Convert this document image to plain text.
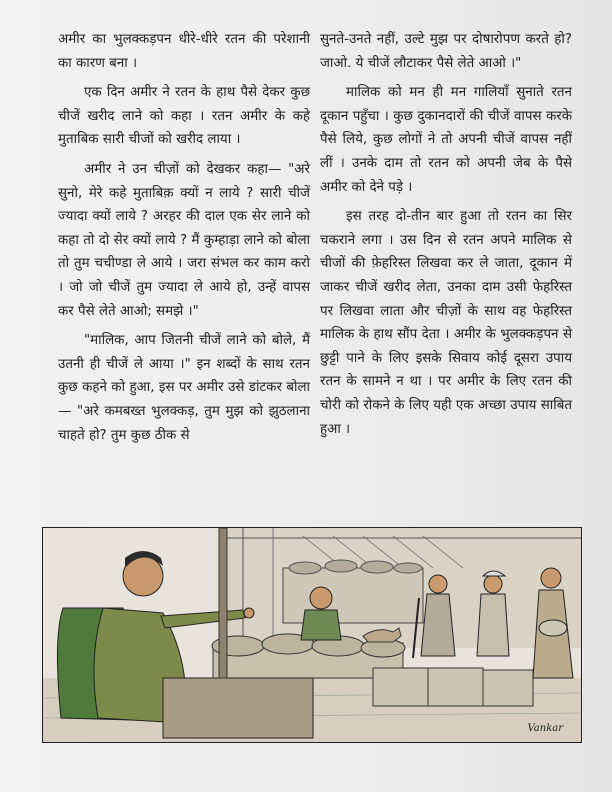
अमीर का भुलक्कड़पन धीरे-धीरे रतन की परेशानी का कारण बना ।

एक दिन अमीर ने रतन के हाथ पैसे देकर कुछ चीजें खरीद लाने को कहा । रतन अमीर के कहे मुताबिक सारी चीजों को खरीद लाया ।

अमीर ने उन चीज़ों को देखकर कहा— "अरे सुनो, मेरे कहे मुताबिक़ क्यों न लाये ? सारी चीजें ज्यादा क्यों लाये ? अरहर की दाल एक सेर लाने को कहा तो दो सेर क्यों लाये ? मैं कुम्हाड़ा लाने को बोला तो तुम चचीण्डा ले आये । जरा संभल कर काम करो । जो जो चीजें तुम ज्यादा ले आये हो, उन्हें वापस कर पैसे लेते आओ; समझे ।"

"मालिक, आप जितनी चीजें लाने को बोले, मैं उतनी ही चीजें ले आया ।" इन शब्दों के साथ रतन कुछ कहने को हुआ, इस पर अमीर उसे डांटकर बोला— "अरे कमबख्त भुलक्कड़, तुम मुझ को झुठलाना चाहते हो? तुम कुछ ठीक से

सुनते-उनते नहीं, उल्टे मुझ पर दोषारोपण करते हो? जाओ. ये चीजें लौटाकर पैसे लेते आओ ।"

मालिक को मन ही मन गालियाँ सुनाते रतन दूकान पहुँचा । कुछ दुकानदारों की चीजें वापस करके पैसे लिये, कुछ लोगों ने तो अपनी चीजें वापस नहीं लीं । उनके दाम तो रतन को अपनी जेब के पैसे अमीर को देने पड़े ।

इस तरह दो-तीन बार हुआ तो रतन का सिर चकराने लगा । उस दिन से रतन अपने मालिक से चीजों की फ़ेहरिस्त लिखवा कर ले जाता, दूकान में जाकर चीजें खरीद लेता, उनका दाम उसी फेहरिस्त पर लिखवा लाता और चीज़ों के साथ वह फेहरिस्त मालिक के हाथ सौंप देता । अमीर के भुलक्कड़पन से छुट्टी पाने के लिए इसके सिवाय कोई दूसरा उपाय रतन के सामने न था । पर अमीर के लिए रतन की चोरी को रोकने के लिए यही एक अच्छा उपाय साबित हुआ ।

Vankar
